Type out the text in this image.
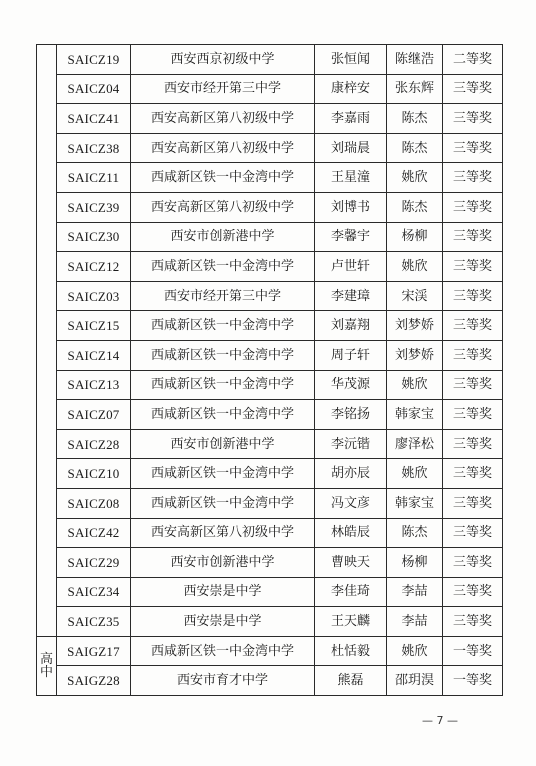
	SAICZ19	西安西京初级中学	张恒闻	陈继浩	二等奖
	SAICZ04	西安市经开第三中学	康梓安	张东辉	三等奖
	SAICZ41	西安高新区第八初级中学	李嘉雨	陈杰	三等奖
	SAICZ38	西安高新区第八初级中学	刘瑞晨	陈杰	三等奖
	SAICZ11	西咸新区铁一中金湾中学	王星潼	姚欣	三等奖
	SAICZ39	西安高新区第八初级中学	刘博书	陈杰	三等奖
	SAICZ30	西安市创新港中学	李馨宇	杨柳	三等奖
	SAICZ12	西咸新区铁一中金湾中学	卢世轩	姚欣	三等奖
	SAICZ03	西安市经开第三中学	李建璋	宋渓	三等奖
	SAICZ15	西咸新区铁一中金湾中学	刘嘉翔	刘梦娇	三等奖
	SAICZ14	西咸新区铁一中金湾中学	周子轩	刘梦娇	三等奖
	SAICZ13	西咸新区铁一中金湾中学	华茂源	姚欣	三等奖
	SAICZ07	西咸新区铁一中金湾中学	李铭扬	韩家宝	三等奖
	SAICZ28	西安市创新港中学	李沅锴	廖泽松	三等奖
	SAICZ10	西咸新区铁一中金湾中学	胡亦辰	姚欣	三等奖
	SAICZ08	西咸新区铁一中金湾中学	冯文彦	韩家宝	三等奖
	SAICZ42	西安高新区第八初级中学	林皓辰	陈杰	三等奖
	SAICZ29	西安市创新港中学	曹映天	杨柳	三等奖
	SAICZ34	西安崇是中学	李佳琦	李喆	三等奖
	SAICZ35	西安崇是中学	王天麟	李喆	三等奖

高
中	SAIGZ17	西咸新区铁一中金湾中学	杜恬毅	姚欣	一等奖
	SAIGZ28	西安市育才中学	熊磊	邵玥淏	一等奖
— 7 —
